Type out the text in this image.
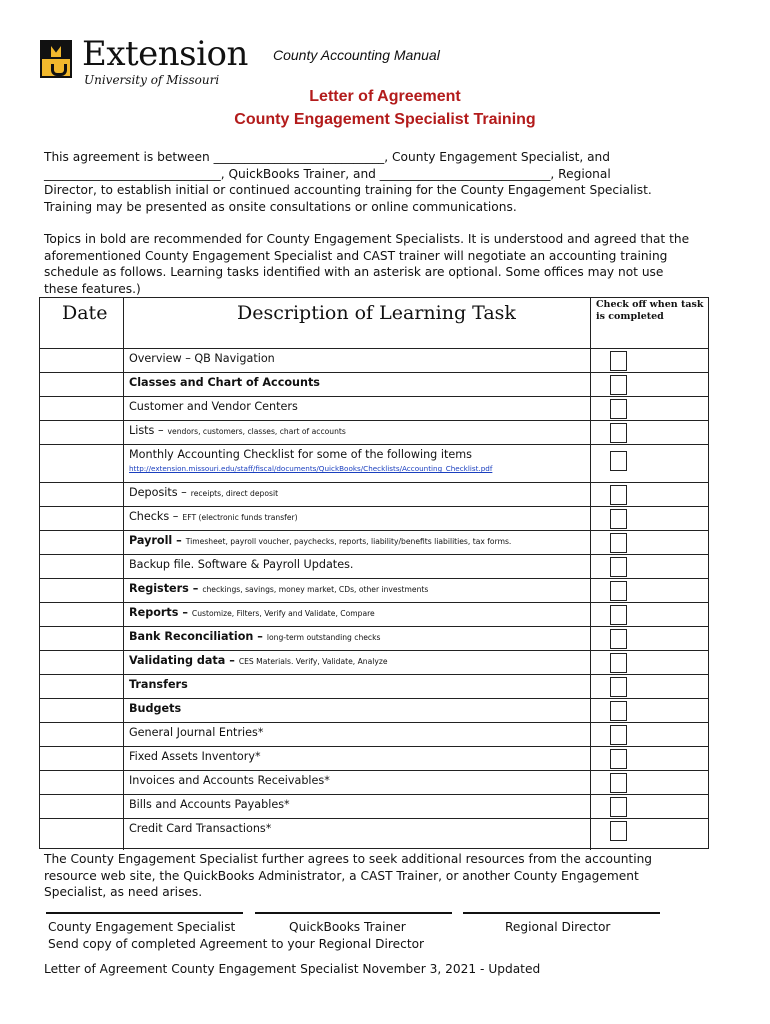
Extension
University of Missouri
County Accounting Manual
Letter of Agreement
County Engagement Specialist Training

This agreement is between ____________________________, County Engagement Specialist, and

_____________________________, QuickBooks Trainer, and ____________________________, Regional

Director, to establish initial or continued accounting training for the County Engagement Specialist.

Training may be presented as onsite consultations or online communications.

Topics in bold are recommended for County Engagement Specialists. It is understood and agreed that the

aforementioned County Engagement Specialist and CAST trainer will negotiate an accounting training

schedule as follows. Learning tasks identified with an asterisk are optional. Some offices may not use

these features.)

Date	Description of Learning Task	Check off when task is completed
Overview – QB Navigation
Classes and Chart of Accounts
Customer and Vendor Centers
Lists – vendors, customers, classes, chart of accounts
Monthly Accounting Checklist for some of the following items
http://extension.missouri.edu/staff/fiscal/documents/QuickBooks/Checklists/Accounting_Checklist.pdf
Deposits – receipts, direct deposit
Checks – EFT (electronic funds transfer)
Payroll – Timesheet, payroll voucher, paychecks, reports, liability/benefits liabilities, tax forms.
Backup file. Software & Payroll Updates.
Registers – checkings, savings, money market, CDs, other investments
Reports – Customize, Filters, Verify and Validate, Compare
Bank Reconciliation – long-term outstanding checks
Validating data – CES Materials. Verify, Validate, Analyze
Transfers
Budgets
General Journal Entries*
Fixed Assets Inventory*
Invoices and Accounts Receivables*
Bills and Accounts Payables*
Credit Card Transactions*

The County Engagement Specialist further agrees to seek additional resources from the accounting

resource web site, the QuickBooks Administrator, a CAST Trainer, or another County Engagement

Specialist, as need arises.

County Engagement Specialist	QuickBooks Trainer	Regional Director
Send copy of completed Agreement to your Regional Director
Letter of Agreement County Engagement Specialist November 3, 2021 - Updated
